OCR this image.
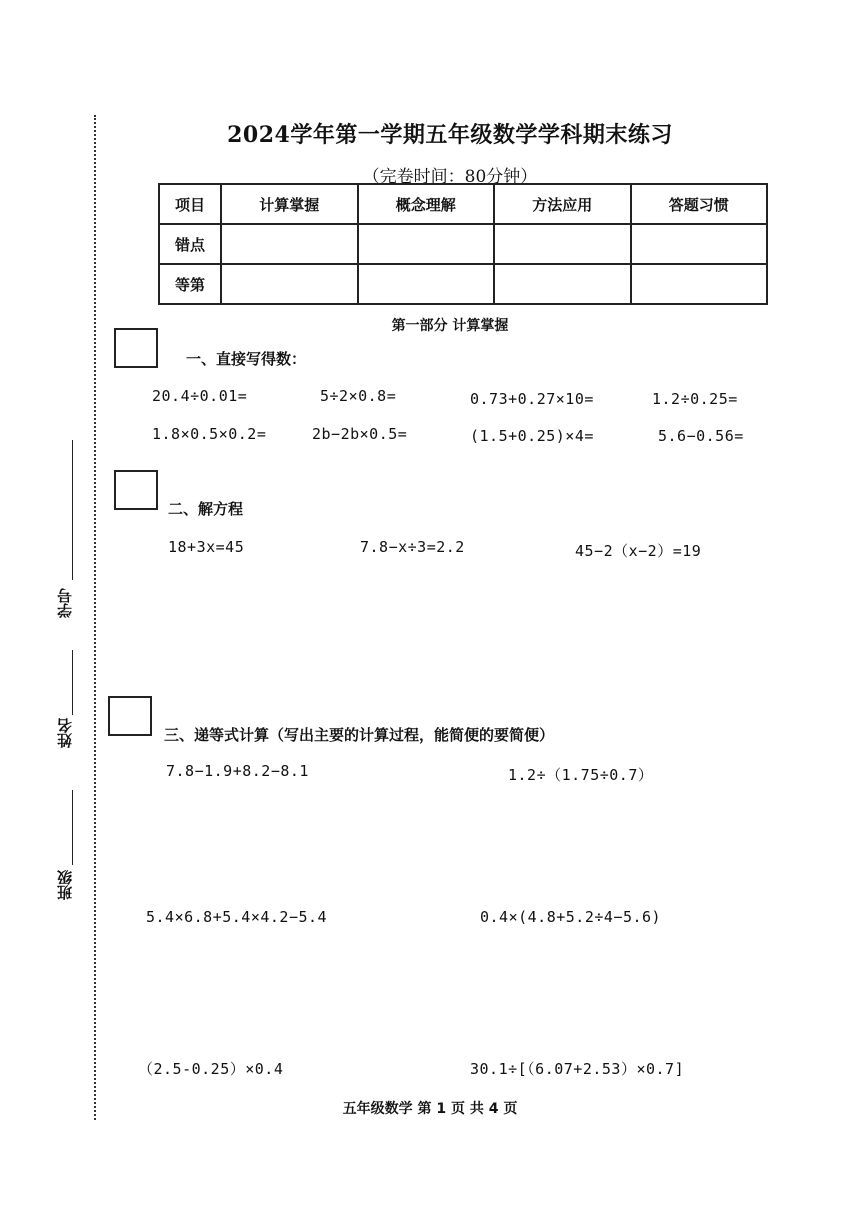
学号
姓名
班级
2024学年第一学期五年级数学学科期末练习
（完卷时间：80分钟）
项目	计算掌握	概念理解	方法应用	答题习惯
错点				
等第				
第一部分 计算掌握
一、直接写得数：
20.4÷0.01=	5÷2×0.8=	0.73+0.27×10=	1.2÷0.25=
1.8×0.5×0.2=	2b−2b×0.5=	(1.5+0.25)×4=	5.6−0.56=
二、解方程
18+3x=45	7.8−x÷3=2.2	45−2（x−2）=19
三、递等式计算（写出主要的计算过程，能简便的要简便）
7.8−1.9+8.2−8.1	1.2÷（1.75÷0.7）
5.4×6.8+5.4×4.2−5.4	0.4×(4.8+5.2÷4−5.6)
（2.5-0.25）×0.4	30.1÷[（6.07+2.53）×0.7]
五年级数学 第 1 页 共 4 页
